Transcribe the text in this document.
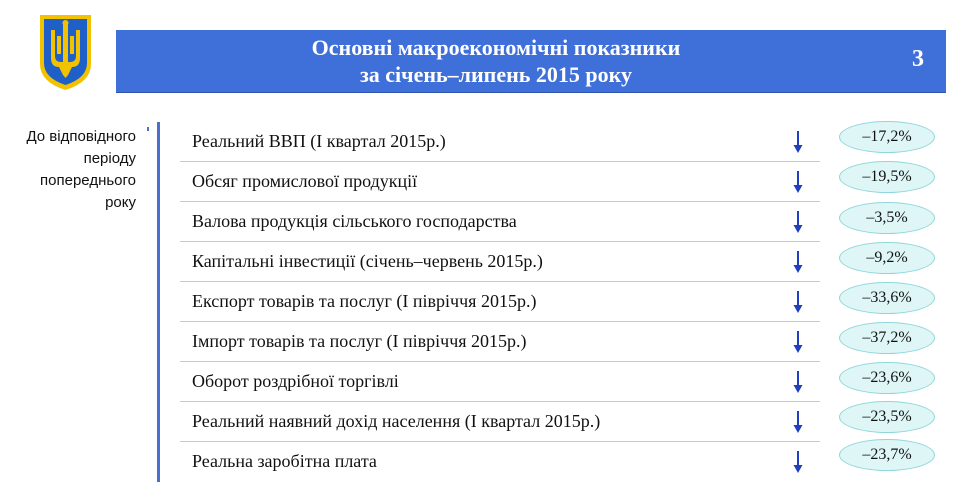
Основні макроекономічні показники
за січень–липень 2015 року
3
До відповідного
періоду
попереднього
року
Реальний ВВП (І квартал 2015р.)
Обсяг промислової продукції
Валова продукція сільського господарства
Капітальні інвестиції (січень–червень 2015р.)
Експорт товарів та послуг (І півріччя 2015р.)
Імпорт товарів та послуг (І півріччя 2015р.)
Оборот роздрібної торгівлі
Реальний наявний дохід населення (І квартал 2015р.)
Реальна заробітна плата
–17,2%
–19,5%
–3,5%
–9,2%
–33,6%
–37,2%
–23,6%
–23,5%
–23,7%
